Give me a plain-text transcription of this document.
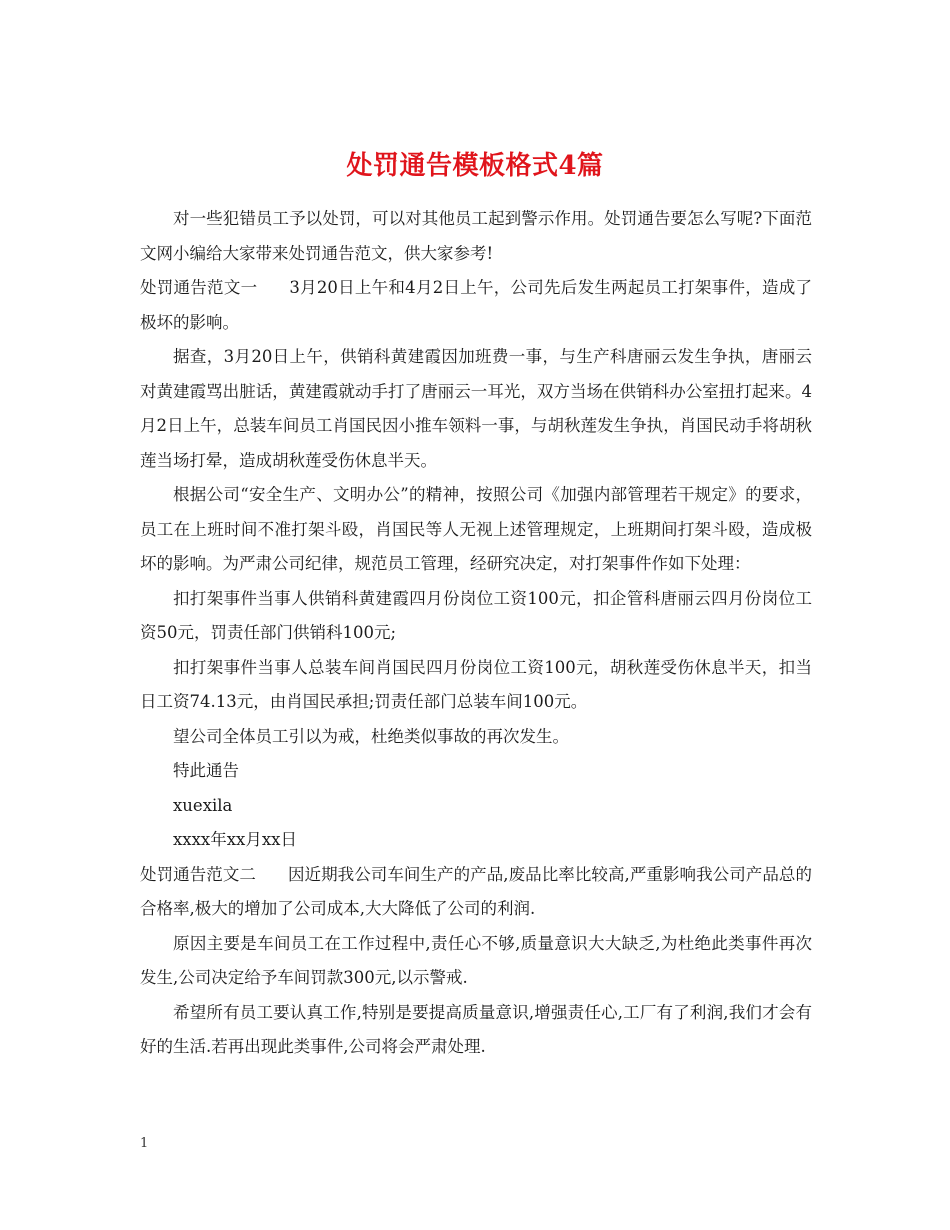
处罚通告模板格式4篇

对一些犯错员工予以处罚，可以对其他员工起到警示作用。处罚通告要怎么写呢?下面范文网小编给大家带来处罚通告范文，供大家参考!

处罚通告范文一 3月20日上午和4月2日上午，公司先后发生两起员工打架事件，造成了极坏的影响。

据查，3月20日上午，供销科黄建霞因加班费一事，与生产科唐丽云发生争执，唐丽云对黄建霞骂出脏话，黄建霞就动手打了唐丽云一耳光，双方当场在供销科办公室扭打起来。4月2日上午，总装车间员工肖国民因小推车领料一事，与胡秋莲发生争执，肖国民动手将胡秋莲当场打晕，造成胡秋莲受伤休息半天。

根据公司“安全生产、文明办公”的精神，按照公司《加强内部管理若干规定》的要求，员工在上班时间不准打架斗殴，肖国民等人无视上述管理规定，上班期间打架斗殴，造成极坏的影响。为严肃公司纪律，规范员工管理，经研究决定，对打架事件作如下处理：

扣打架事件当事人供销科黄建霞四月份岗位工资100元，扣企管科唐丽云四月份岗位工资50元，罚责任部门供销科100元;

扣打架事件当事人总装车间肖国民四月份岗位工资100元，胡秋莲受伤休息半天，扣当日工资74.13元，由肖国民承担;罚责任部门总装车间100元。

望公司全体员工引以为戒，杜绝类似事故的再次发生。

特此通告

xuexila

xxxx年xx月xx日

处罚通告范文二 因近期我公司车间生产的产品,废品比率比较高,严重影响我公司产品总的合格率,极大的增加了公司成本,大大降低了公司的利润.

原因主要是车间员工在工作过程中,责任心不够,质量意识大大缺乏,为杜绝此类事件再次发生,公司决定给予车间罚款300元,以示警戒.

希望所有员工要认真工作,特别是要提高质量意识,增强责任心,工厂有了利润,我们才会有好的生活.若再出现此类事件,公司将会严肃处理.

1
